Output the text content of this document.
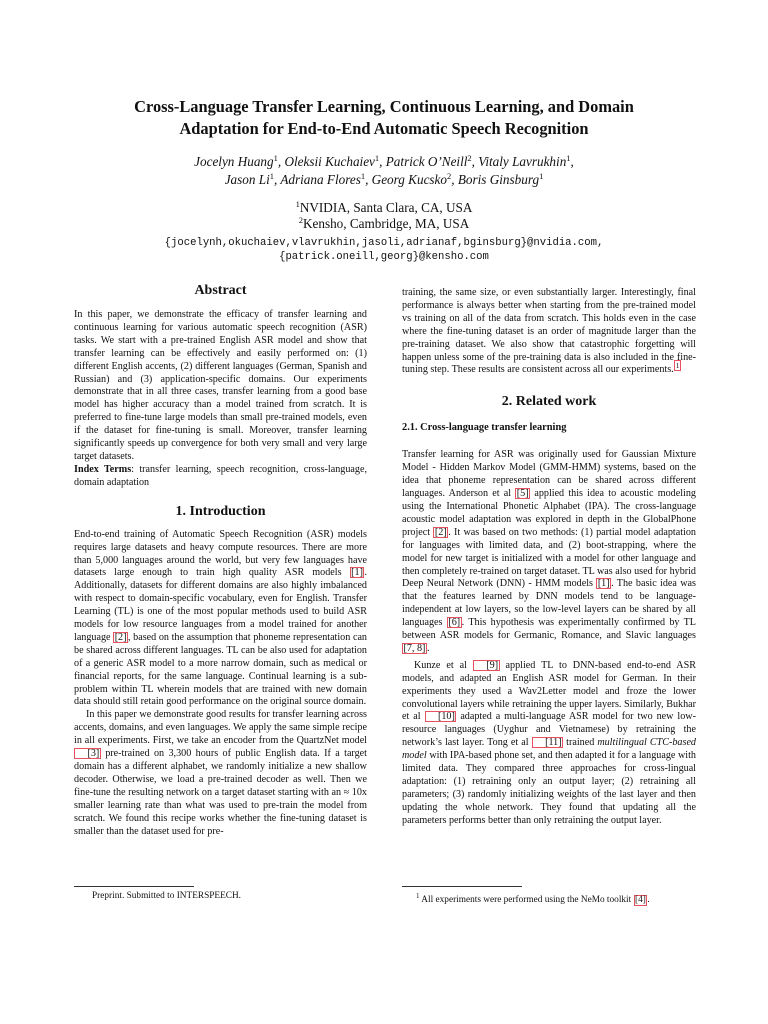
Cross-Language Transfer Learning, Continuous Learning, and Domain
Adaptation for End-to-End Automatic Speech Recognition
Jocelyn Huang$^1$, Oleksii Kuchaiev$^1$, Patrick O’Neill$^2$, Vitaly Lavrukhin$^1$,
Jason Li$^1$, Adriana Flores$^1$, Georg Kucsko$^2$, Boris Ginsburg$^1$
$^1$NVIDIA, Santa Clara, CA, USA
$^2$Kensho, Cambridge, MA, USA
{jocelynh,okuchaiev,vlavrukhin,jasoli,adrianaf,bginsburg}@nvidia.com,
{patrick.oneill,georg}@kensho.com
Abstract
In this paper, we demonstrate the efficacy of transfer learning and continuous learning for various automatic speech recognition (ASR) tasks. We start with a pre-trained English ASR model and show that transfer learning can be effectively and easily performed on: (1) different English accents, (2) different languages (German, Spanish and Russian) and (3) application-specific domains. Our experiments demonstrate that in all three cases, transfer learning from a good base model has higher accuracy than a model trained from scratch. It is preferred to fine-tune large models than small pre-trained models, even if the dataset for fine-tuning is small. Moreover, transfer learning significantly speeds up convergence for both very small and very large target datasets.
Index Terms: transfer learning, speech recognition, cross-language, domain adaptation
1. Introduction
End-to-end training of Automatic Speech Recognition (ASR) models requires large datasets and heavy compute resources. There are more than 5,000 languages around the world, but very few languages have datasets large enough to train high quality ASR models [1] . Additionally, datasets for different domains are also highly imbalanced with respect to domain-specific vocabulary, even for English. Transfer Learning (TL) is one of the most popular methods used to build ASR models for low resource languages from a model trained for another language [2] , based on the assumption that phoneme representation can be shared across different languages. TL can be also used for adaptation of a generic ASR model to a more narrow domain, such as medical or financial reports, for the same language. Continual learning is a sub-problem within TL wherein models that are trained with new domain data should still retain good performance on the original source domain.
In this paper we demonstrate good results for transfer learning across accents, domains, and even languages. We apply the same simple recipe in all experiments. First, we take an encoder from the QuartzNet model [3] pre-trained on 3,300 hours of public English data. If a target domain has a different alphabet, we randomly initialize a new shallow decoder. Otherwise, we load a pre-trained decoder as well. Then we fine-tune the resulting network on a target dataset starting with an ≈ 10x smaller learning rate than what was used to pre-train the model from scratch. We found this recipe works whether the fine-tuning dataset is smaller than the dataset used for pre-
training, the same size, or even substantially larger. Interestingly, final performance is always better when starting from the pre-trained model vs training on all of the data from scratch. This holds even in the case where the fine-tuning dataset is an order of magnitude larger than the pre-training dataset. We also show that catastrophic forgetting will happen unless some of the pre-training data is also included in the fine-tuning step. These results are consistent across all our experiments. $^1$
2. Related work
2.1. Cross-language transfer learning
Transfer learning for ASR was originally used for Gaussian Mixture Model - Hidden Markov Model (GMM-HMM) systems, based on the idea that phoneme representation can be shared across different languages. Anderson et al [5] applied this idea to acoustic modeling using the International Phonetic Alphabet (IPA). The cross-language acoustic model adaptation was explored in depth in the GlobalPhone project [2] . It was based on two methods: (1) partial model adaptation for languages with limited data, and (2) boot-strapping, where the model for new target is initialized with a model for other language and then completely re-trained on target dataset. TL was also used for hybrid Deep Neural Network (DNN) - HMM models [1] . The basic idea was that the features learned by DNN models tend to be language-independent at low layers, so the low-level layers can be shared by all languages [6] . This hypothesis was experimentally confirmed by TL between ASR models for Germanic, Romance, and Slavic languages [7, 8] .
Kunze et al [9] applied TL to DNN-based end-to-end ASR models, and adapted an English ASR model for German. In their experiments they used a Wav2Letter model and froze the lower convolutional layers while retraining the upper layers. Similarly, Bukhar et al [10] adapted a multi-language ASR model for two new low-resource languages (Uyghur and Vietnamese) by retraining the network’s last layer. Tong et al [11] trained multilingual CTC-based model with IPA-based phone set, and then adapted it for a language with limited data. They compared three approaches for cross-lingual adaptation: (1) retraining only an output layer; (2) retraining all parameters; (3) randomly initializing weights of the last layer and then updating the whole network. They found that updating all the parameters performs better than only retraining the output layer.
Preprint. Submitted to INTERSPEECH.	$^1$ All experiments were performed using the NeMo toolkit [4] .
